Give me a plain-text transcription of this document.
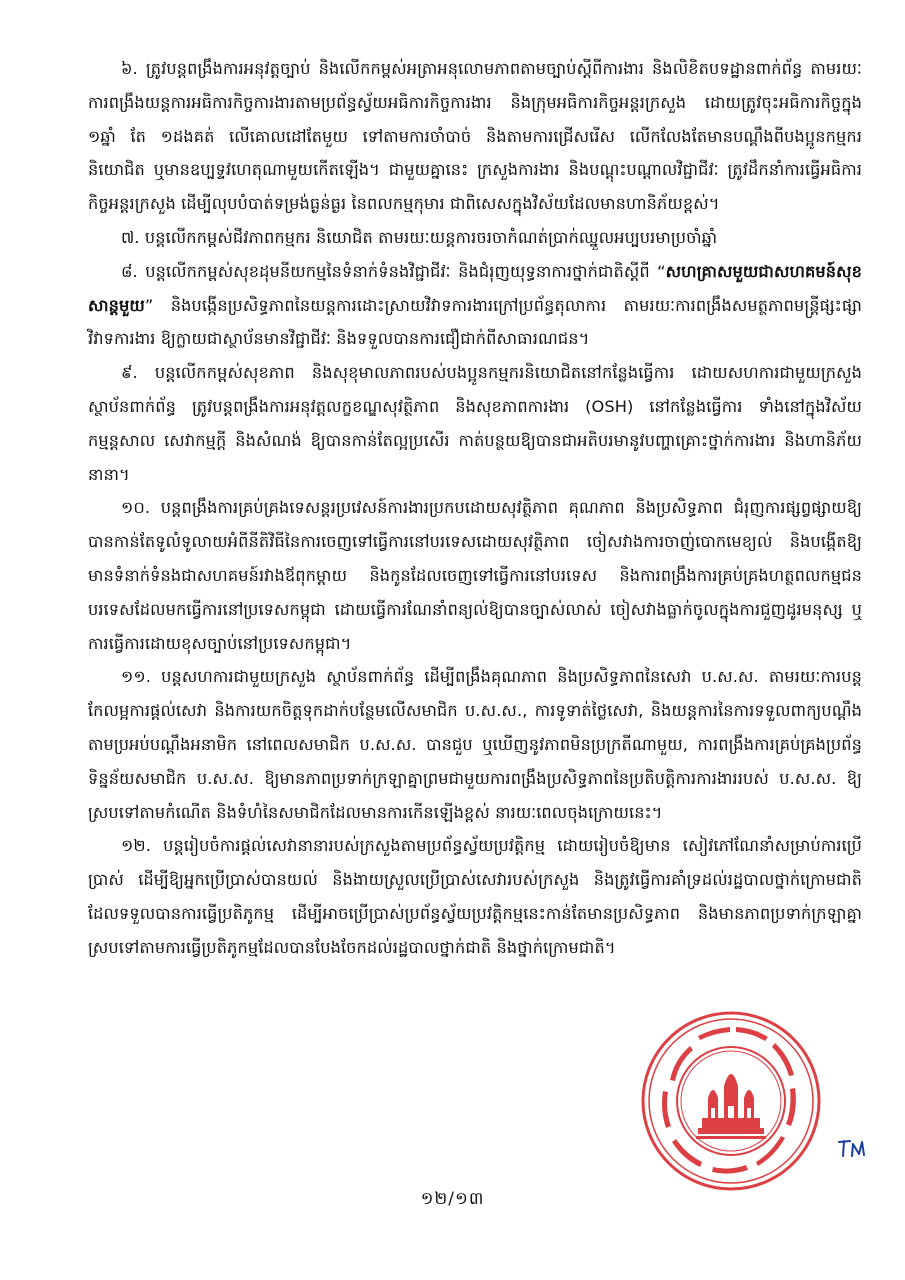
៦. ត្រូវបន្តពង្រឹងការអនុវត្តច្បាប់ និងលើកកម្ពស់អត្រាអនុលោមភាពតាមច្បាប់ស្ដីពីការងារ និងលិខិតបទដ្ឋានពាក់ព័ន្ធ តាមរយៈការពង្រឹងយន្តការអធិការកិច្ចការងារតាមប្រព័ន្ធស្វ័យអធិការកិច្ចការងារ និងក្រុមអធិការកិច្ចអន្តរក្រសួង ដោយត្រូវចុះអធិការកិច្ចក្នុង ១ឆ្នាំ តែ ១ដងគត់ លើគោលដៅតែមួយ ទៅតាមការចាំបាច់ និងតាមការជ្រើសរើស លើកលែងតែមានបណ្ដឹងពីបងប្អូនកម្មករនិយោជិត ឬមានឧប្បទ្ទវហេតុណាមួយកើតឡើង។ ជាមួយគ្នានេះ ក្រសួងការងារ និងបណ្ដុះបណ្ដាលវិជ្ជាជីវៈ ត្រូវដឹកនាំការធ្វើអធិការកិច្ចអន្តរក្រសួង ដើម្បីលុបបំបាត់ទម្រង់ធ្ងន់ធ្ងរ នៃពលកម្មកុមារ ជាពិសេសក្នុងវិស័យដែលមានហានិភ័យខ្ពស់។

៧. បន្តលើកកម្ពស់ជីវភាពកម្មករ និយោជិត តាមរយៈយន្តការចរចាកំណត់ប្រាក់ឈ្នួលអប្បបរមាប្រចាំឆ្នាំ

៨. បន្តលើកកម្ពស់សុខដុមនីយកម្មនៃទំនាក់ទំនងវិជ្ជាជីវៈ និងជំរុញយុទ្ធនាការថ្នាក់ជាតិស្ដីពី “សហគ្រាសមួយជាសហគមន៍សុខសាន្តមួយ” និងបង្កើនប្រសិទ្ធភាពនៃយន្តការដោះស្រាយវិវាទការងារក្រៅប្រព័ន្ធតុលាការ តាមរយៈការពង្រឹងសមត្ថភាពមន្ត្រីផ្សះផ្សាវិវាទការងារ ឱ្យក្លាយជាស្ថាប័នមានវិជ្ជាជីវៈ និងទទួលបានការជឿជាក់ពីសាធារណជន។

៩. បន្តលើកកម្ពស់សុខភាព និងសុខុមាលភាពរបស់បងប្អូនកម្មករនិយោជិតនៅកន្លែងធ្វើការ ដោយសហការជាមួយក្រសួង ស្ថាប័នពាក់ព័ន្ធ ត្រូវបន្តពង្រឹងការអនុវត្តលក្ខខណ្ឌសុវត្ថិភាព និងសុខភាពការងារ (OSH) នៅកន្លែងធ្វើការ ទាំងនៅក្នុងវិស័យកម្មន្តសាល សេវាកម្មក្ដី និងសំណង់ ឱ្យបានកាន់តែល្អប្រសើរ កាត់បន្ថយឱ្យបានជាអតិបរមានូវបញ្ហាគ្រោះថ្នាក់ការងារ និងហានិភ័យនានា។

១០. បន្តពង្រឹងការគ្រប់គ្រងទេសន្តរប្រវេសន៍ការងារប្រកបដោយសុវត្ថិភាព គុណភាព និងប្រសិទ្ធភាព ជំរុញការផ្សព្វផ្សាយឱ្យបានកាន់តែទូលំទូលាយអំពីនីតិវិធីនៃការចេញទៅធ្វើការនៅបរទេសដោយសុវត្ថិភាព ចៀសវាងការចាញ់បោកមេខ្យល់ និងបង្កើតឱ្យមានទំនាក់ទំនងជាសហគមន៍រវាងឪពុកម្ដាយ និងកូនដែលចេញទៅធ្វើការនៅបរទេស និងការពង្រឹងការគ្រប់គ្រងហត្ថពលកម្មជនបរទេសដែលមកធ្វើការនៅប្រទេសកម្ពុជា ដោយធ្វើការណែនាំពន្យល់ឱ្យបានច្បាស់លាស់ ចៀសវាងធ្លាក់ចូលក្នុងការជួញដូរមនុស្ស ឬការធ្វើការដោយខុសច្បាប់នៅប្រទេសកម្ពុជា។

១១. បន្តសហការជាមួយក្រសួង ស្ថាប័នពាក់ព័ន្ធ ដើម្បីពង្រឹងគុណភាព និងប្រសិទ្ធភាពនៃសេវា ប.ស.ស. តាមរយៈការបន្តកែលម្អការផ្ដល់សេវា និងការយកចិត្តទុកដាក់បន្ថែមលើសមាជិក ប.ស.ស., ការទូទាត់ថ្លៃសេវា, និងយន្តការនៃការទទួលពាក្យបណ្ដឹងតាមប្រអប់បណ្ដឹងអនាមិក នៅពេលសមាជិក ប.ស.ស. បានជួប ឬឃើញនូវភាពមិនប្រក្រតីណាមួយ, ការពង្រឹងការគ្រប់គ្រងប្រព័ន្ធទិន្នន័យសមាជិក ប.ស.ស. ឱ្យមានភាពប្រទាក់ក្រឡាគ្នាព្រមជាមួយការពង្រឹងប្រសិទ្ធភាពនៃប្រតិបត្តិការការងាររបស់ ប.ស.ស. ឱ្យស្របទៅតាមកំណើត និងទំហំនៃសមាជិកដែលមានការកើនឡើងខ្ពស់ នារយៈពេលចុងក្រោយនេះ។

១២. បន្តរៀបចំការផ្ដល់សេវានានារបស់ក្រសួងតាមប្រព័ន្ធស្វ័យប្រវត្តិកម្ម ដោយរៀបចំឱ្យមាន សៀវភៅណែនាំសម្រាប់ការប្រើប្រាស់ ដើម្បីឱ្យអ្នកប្រើប្រាស់បានយល់ និងងាយស្រួលប្រើប្រាស់សេវារបស់ក្រសួង និងត្រូវធ្វើការគាំទ្រដល់រដ្ឋបាលថ្នាក់ក្រោមជាតិ ដែលទទួលបានការធ្វើប្រតិភូកម្ម ដើម្បីអាចប្រើប្រាស់ប្រព័ន្ធស្វ័យប្រវត្តិកម្មនេះកាន់តែមានប្រសិទ្ធភាព និងមានភាពប្រទាក់ក្រឡាគ្នាស្របទៅតាមការធ្វើប្រតិភូកម្មដែលបានបែងចែកដល់រដ្ឋបាលថ្នាក់ជាតិ និងថ្នាក់ក្រោមជាតិ។

១២/១៣
